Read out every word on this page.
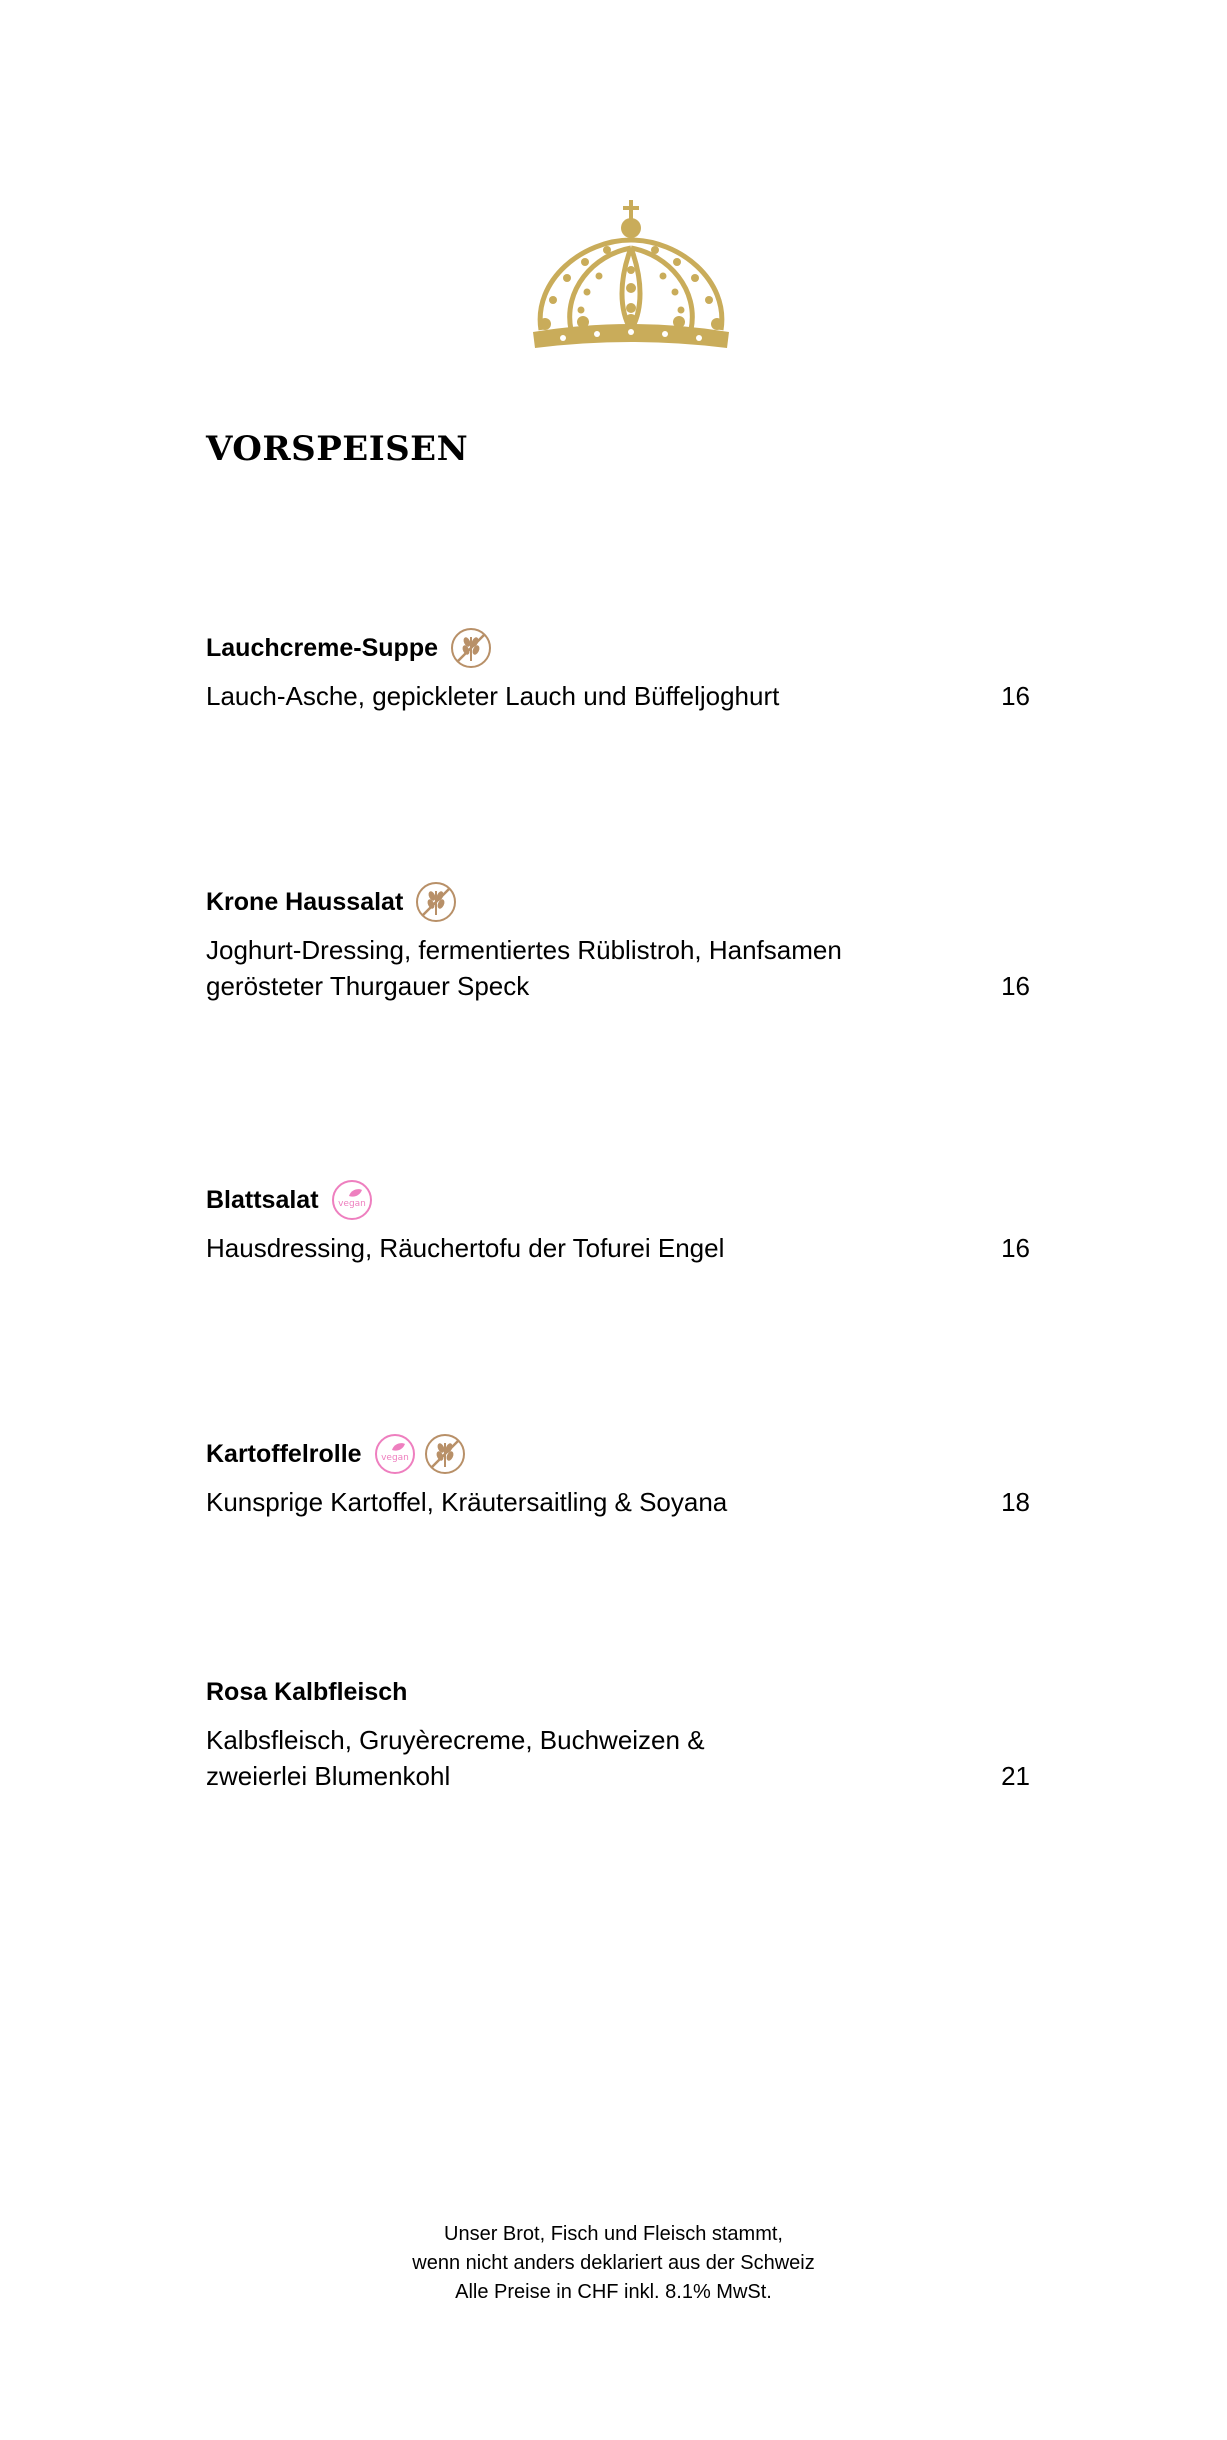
VORSPEISEN
Lauchcreme-Suppe
Lauch-Asche, gepickleter Lauch und Büffeljoghurt	16
Krone Haussalat
Joghurt-Dressing, fermentiertes Rüblistroh, Hanfsamen
gerösteter Thurgauer Speck	16
Blattsalat vegan
Hausdressing, Räuchertofu der Tofurei Engel	16
Kartoffelrolle vegan
Kunsprige Kartoffel, Kräutersaitling & Soyana	18
Rosa Kalbfleisch
Kalbsfleisch, Gruyèrecreme, Buchweizen &
zweierlei Blumenkohl	21
Unser Brot, Fisch und Fleisch stammt,
wenn nicht anders deklariert aus der Schweiz
Alle Preise in CHF inkl. 8.1% MwSt.
